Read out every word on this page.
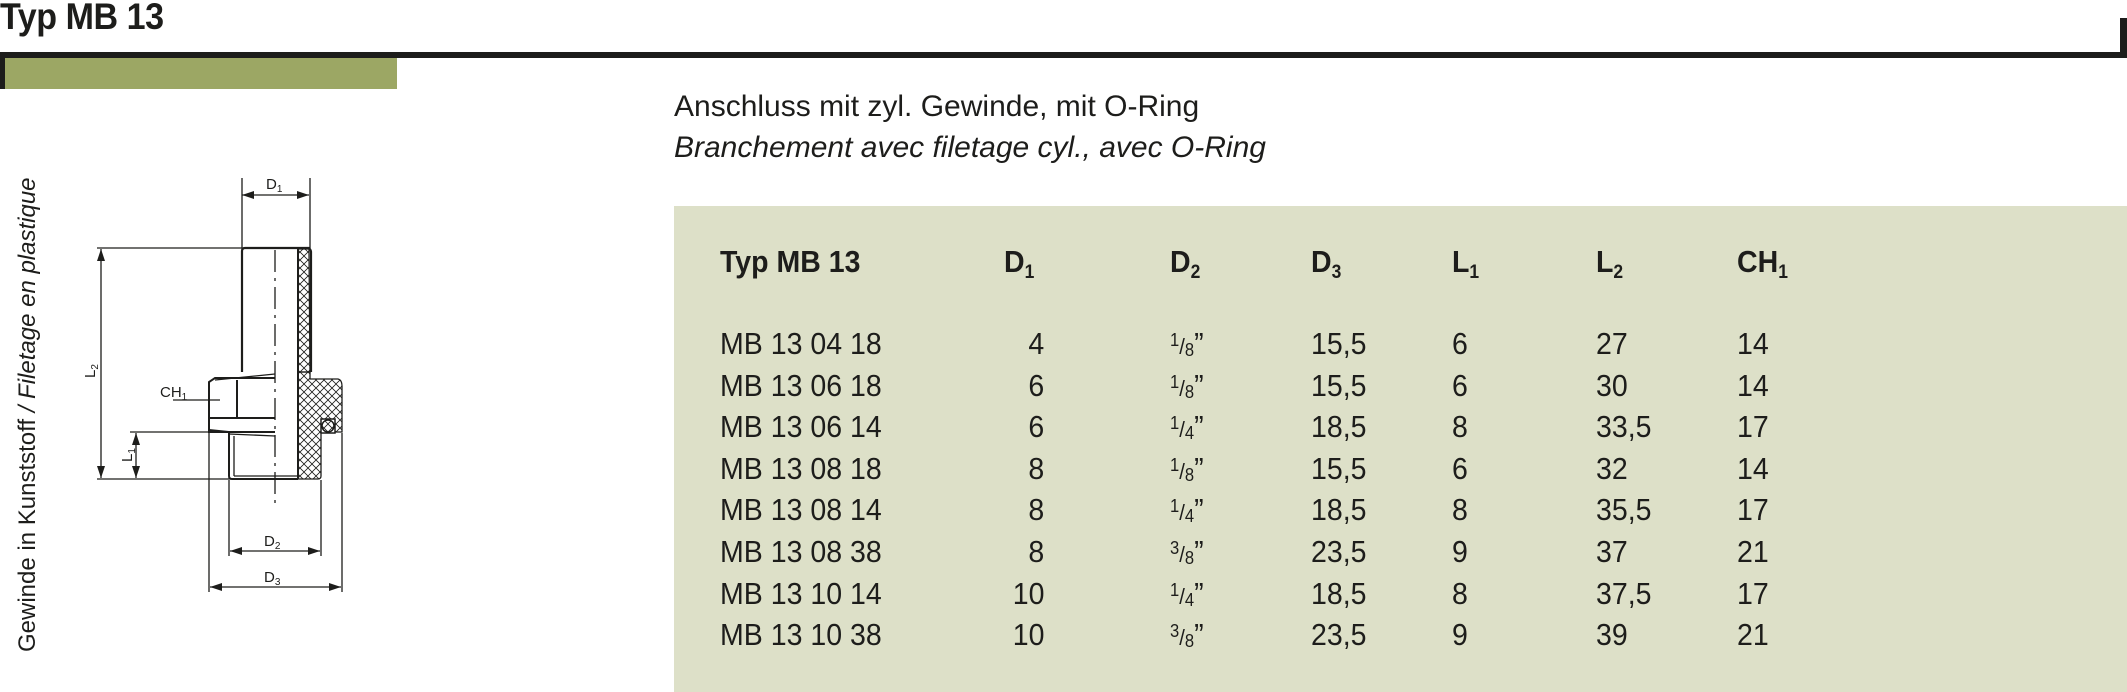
Typ MB 13
Gewinde in Kunststoff / Filetage en plastique	$D_1$
$L_2$
$CH_1$
$L_1$
$D_2$
$D_3$
Anschluss mit zyl. Gewinde, mit O-Ring
Branchement avec filetage cyl., avec O-Ring
Typ MB 13	$D_1$	$D_2$	$D_3$	$L_1$	$L_2$	$CH_1$
MB 13 04 18	4	$^1/_8$”	15,5	6	27	14
MB 13 06 18	6	$^1/_8$”	15,5	6	30	14
MB 13 06 14	6	$^1/_4$”	18,5	8	33,5	17
MB 13 08 18	8	$^1/_8$”	15,5	6	32	14
MB 13 08 14	8	$^1/_4$”	18,5	8	35,5	17
MB 13 08 38	8	$^3/_8$”	23,5	9	37	21
MB 13 10 14	10	$^1/_4$”	18,5	8	37,5	17
MB 13 10 38	10	$^3/_8$”	23,5	9	39	21
